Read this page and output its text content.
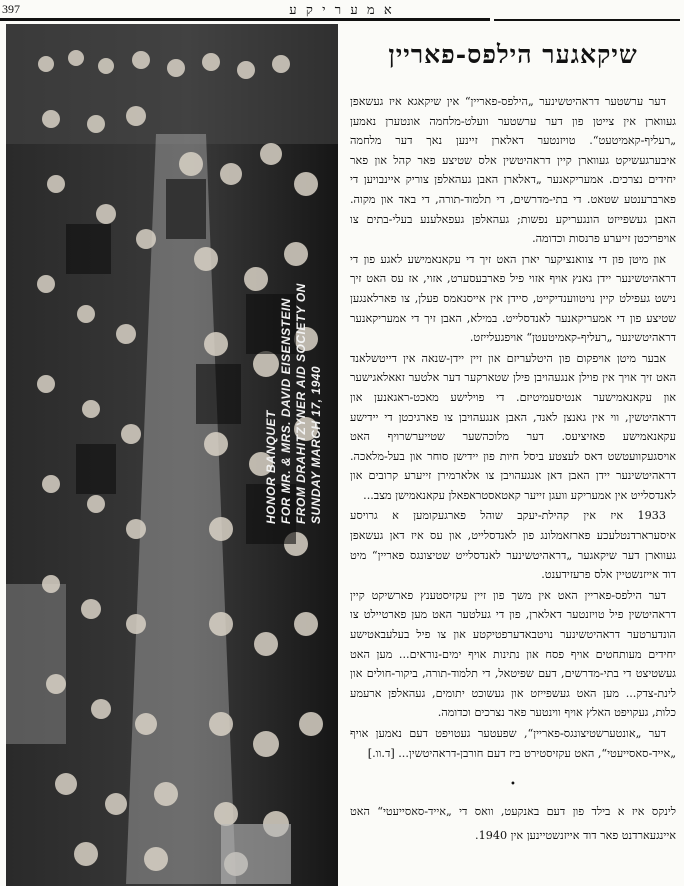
397	א מ ע ר י ק ע
HONOR BANQUET FOR MR. & MRS. DAVID EISENSTEIN FROM DRAHITZYNER AID SOCIETY ON SUNDAY MARCH 17, 1940
שיקאגער הילפס-פאריין

דער ערשטער דראהיטשינער „הילפס-פאריין“ אין שיקאגא איז געשאפן געווארן אין צייטן פון דער ערשטער וועלט-מלחמה אונטערן נאמען „רעליף-קאמיטעט“. טויזנטער דאלארן זיינען נאך דער מלחמה איבערגעשיקט געווארן קיין דראהיטשין אלס שטיצע פאר קהל און פאר יחידים נצרכים. אמעריקאנער „דאלארן האבן געהאלפן צוריק איינבויען די פארברענטע שטאט. די בתי-מדרשים, די תלמוד-תורה, די באד און מקוה. האבן געשפייזט הונגעריקע נפשות; געהאלפן געפאלענע בעלי-בתים צו אויפריכטן זייערע פרנסות וכדומה.

און מיטן פון די צוואנציקער יארן האט זיך די עקאנאמישע לאגע פון די דראהיטשינער יידן גאנץ אויף אזוי פיל פארבעסערט, אזוי, אז עס האט זיך נישט געפילט קיין נויטווענדיקייט, סיידן אין אייסנאמס פעלן, צו פארלאנגען שטיצע פון די אמעריקאנער לאנדסלייט. במילא, האבן זיך די אמעריקאנער דראהיטשינער „רעליף-קאמיטעטן“ אויפגעלייזט.

אבער מיטן אויפקום פון היטלעריזם און זיין יידן-שנאה אין דייטשלאנד האט זיך אויך אין פוילן אנגעהויבן פילן שטארקער דער אלטער זאאלאגישער און עקאנאמישער אנטיסעמיטיזם. די פוילישע מאכט-ראגאנען און דראהיטשין, ווי אין גאנצן לאנד, האבן אנגעהויבן צו פארגיכטן די יידישע עקאנאמישע פאזיציעס. דער מלוכהשער שטייערשרויף האט אויסגעקוועטשט דאס לעצטע ביסל חיות פון יידישן סוחר און בעל-מלאכה. דראהיטשינער יידן האבן דאן אנגעהויבן צו אלארמירן זייערע קרובים און לאנדסלייט אין אמעריקע וועגן זייער קאטאסטראפאלן עקאנאמישן מצב...

1933 איז אין קהילת-יעקב שוהל פארגעקומען א גרויסע איסערארדנטלעכע פארזאמלונג פון לאנדסלייט, און עס איז דאן געשאפן געווארן דער שיקאגער „דראהיטשינער לאנדסלייט שטיצונגס פאריין“ מיט דוד אייזנשטיין אלס פרעזידענט.

דער הילפס-פאריין האט אין משך פון זיין עקזיסטענץ פארשיקט קיין דראהיטשין פיל טויזנטער דאלארן, פון די געלטער האט מען פארטיילט צו הונדערטער דראהיטשינער נויטבאדערפטיקטע און צו פיל בעלעבאטישע יחידים מעותחטים אויף פסח און נתינות אויף ימים-נוראים... מען האט געשטיצט די בתי-מדרשים, דעם שפיטאל, די תלמוד-תורה, ביקור-חולים און לינת-צדק... מען האט געשפייזט און געשוכט יתומים, געהאלפן ארעמע כלות, געקויפט האלץ אויף ווינטער פאר נצרכים וכדומה.

דער „אונטערשטיצונגס-פאריין“, שפעטער געטויפט דעם נאמען אויף „אייד-סאסייעטי“, האט עקזיסטירט ביז דעם חורבן-דראהיטשין... [ד.וו.]

•

לינקס איז א בילד פון דעם באנקעט, וואס די „אייד-סאסייעטי“ האט איינגעארדנט פאר דוד אייזנשטיינען אין 1940.
